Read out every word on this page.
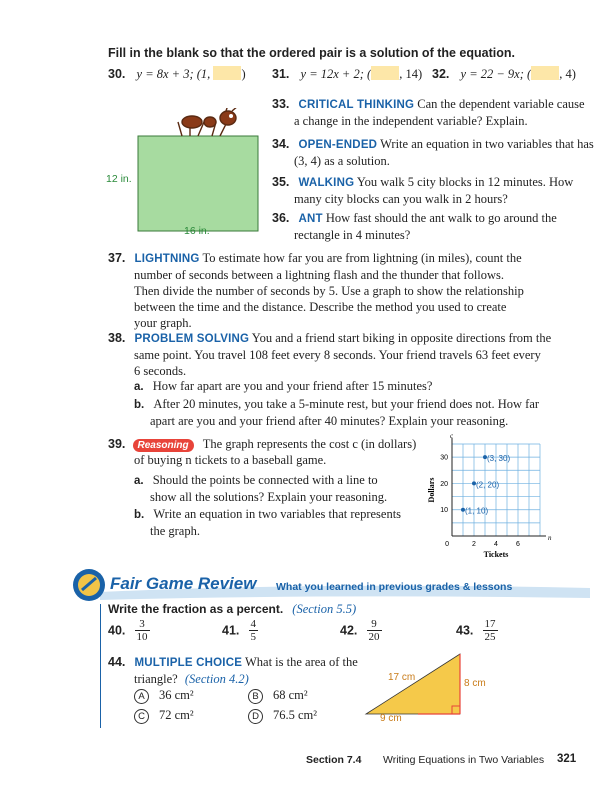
Fill in the blank so that the ordered pair is a solution of the equation.
30. y = 8x + 3; (1, ) 31. y = 12x + 2; ( , 14) 32. y = 22 − 9x; ( , 4)
12 in.
16 in.
33. CRITICAL THINKING Can the dependent variable cause
a change in the independent variable? Explain.
34. OPEN-ENDED Write an equation in two variables that has
(3, 4) as a solution.
35. WALKING You walk 5 city blocks in 12 minutes. How
many city blocks can you walk in 2 hours?
36. ANT How fast should the ant walk to go around the
rectangle in 4 minutes?
37. LIGHTNING To estimate how far you are from lightning (in miles), count the
number of seconds between a lightning flash and the thunder that follows.
Then divide the number of seconds by 5. Use a graph to show the relationship
between the time and the distance. Describe the method you used to create
your graph.
38. PROBLEM SOLVING You and a friend start biking in opposite directions from the
same point. You travel 108 feet every 8 seconds. Your friend travels 63 feet every
6 seconds.
a. How far apart are you and your friend after 15 minutes?
b. After 20 minutes, you take a 5-minute rest, but your friend does not. How far
apart are you and your friend after 40 minutes? Explain your reasoning.
39. Reasoning The graph represents the cost c (in dollars)
of buying n tickets to a baseball game.
a. Should the points be connected with a line to
show all the solutions? Explain your reasoning.
b. Write an equation in two variables that represents
the graph.
2	4	6
10
20
30
0
n
c
Tickets
Dollars
(1, 10)
(2, 20)
(3, 30)
Fair Game Review What you learned in previous grades & lessons
Write the fraction as a percent. (Section 5.5)
40. $\frac{3}{10}$	41. $\frac{4}{5}$	42. $\frac{9}{20}$	43. $\frac{17}{25}$
44. MULTIPLE CHOICE What is the area of the
triangle? (Section 4.2)
A 36 cm²	B 68 cm²
C 72 cm²	D 76.5 cm²
17 cm
8 cm
9 cm
Section 7.4 Writing Equations in Two Variables 321
